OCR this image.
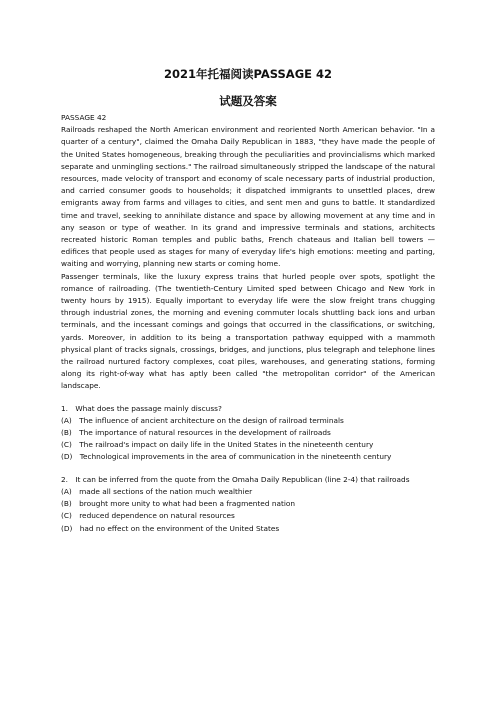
2021年托福阅读PASSAGE 42
试题及答案

PASSAGE 42

Railroads reshaped the North American environment and reoriented North American behavior. "In a quarter of a century", claimed the Omaha Daily Republican in 1883, "they have made the people of the United States homogeneous, breaking through the peculiarities and provincialisms which marked separate and unmingling sections." The railroad simultaneously stripped the landscape of the natural resources, made velocity of transport and economy of scale necessary parts of industrial production, and carried consumer goods to households; it dispatched immigrants to unsettled places, drew emigrants away from farms and villages to cities, and sent men and guns to battle. It standardized time and travel, seeking to annihilate distance and space by allowing movement at any time and in any season or type of weather. In its grand and impressive terminals and stations, architects recreated historic Roman temples and public baths, French chateaus and Italian bell towers — edifices that people used as stages for many of everyday life's high emotions: meeting and parting, waiting and worrying, planning new starts or coming home.

Passenger terminals, like the luxury express trains that hurled people over spots, spotlight the romance of railroading. (The twentieth-Century Limited sped between Chicago and New York in twenty hours by 1915). Equally important to everyday life were the slow freight trans chugging through industrial zones, the morning and evening commuter locals shuttling back ions and urban terminals, and the incessant comings and goings that occurred in the classifications, or switching, yards. Moreover, in addition to its being a transportation pathway equipped with a mammoth physical plant of tracks signals, crossings, bridges, and junctions, plus telegraph and telephone lines the railroad nurtured factory complexes, coat piles, warehouses, and generating stations, forming along its right-of-way what has aptly been called "the metropolitan corridor" of the American landscape.

1.　What does the passage mainly discuss?

(A)　The influence of ancient architecture on the design of railroad terminals

(B)　The importance of natural resources in the development of railroads

(C)　The railroad's impact on daily life in the United States in the nineteenth century

(D)　Technological improvements in the area of communication in the nineteenth century

2.　It can be inferred from the quote from the Omaha Daily Republican (line 2-4) that railroads

(A)　made all sections of the nation much wealthier

(B)　brought more unity to what had been a fragmented nation

(C)　reduced dependence on natural resources

(D)　had no effect on the environment of the United States
